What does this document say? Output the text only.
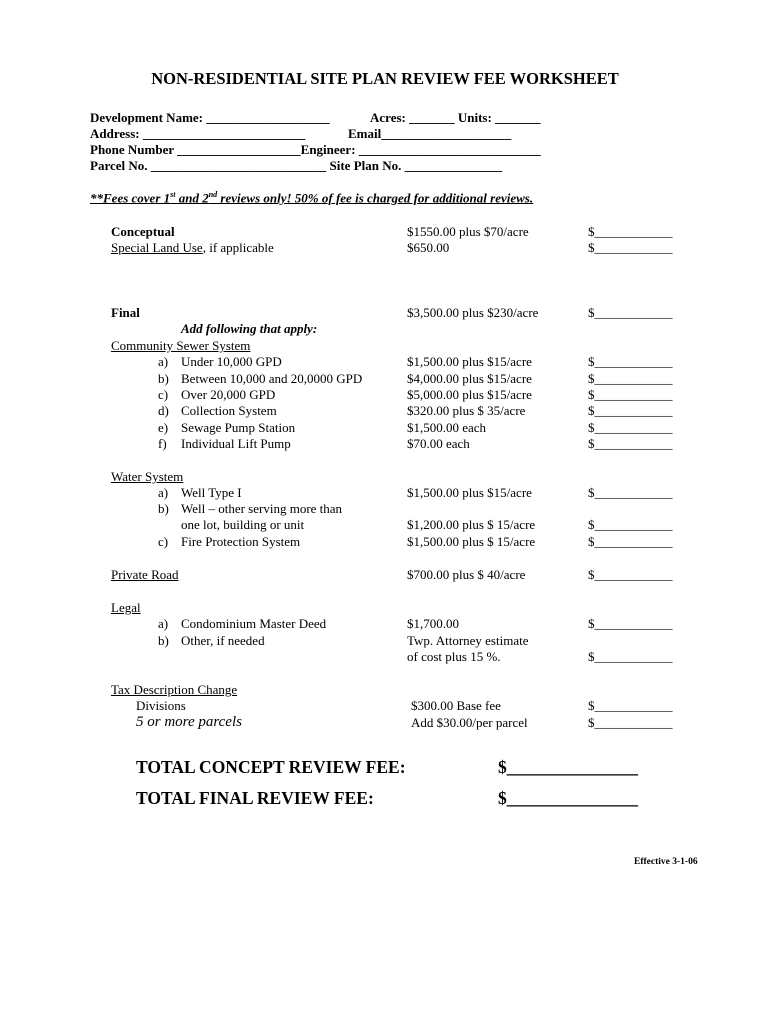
NON-RESIDENTIAL SITE PLAN REVIEW FEE WORKSHEET
Development Name: ___________________	Acres: _______ Units: _______
Address: _________________________	Email____________________
Phone Number ___________________Engineer: ____________________________
Parcel No. ___________________________ Site Plan No. _______________
**Fees cover 1st and 2nd reviews only! 50% of fee is charged for additional reviews.
Conceptual	$1550.00 plus $70/acre	$____________
Special Land Use, if applicable	$650.00	$____________
Final	$3,500.00 plus $230/acre	$____________
Add following that apply:
Community Sewer System
a) Under 10,000 GPD	$1,500.00 plus $15/acre	$____________
b) Between 10,000 and 20,0000 GPD	$4,000.00 plus $15/acre	$____________
c) Over 20,000 GPD	$5,000.00 plus $15/acre	$____________
d) Collection System	$320.00 plus $ 35/acre	$____________
e) Sewage Pump Station	$1,500.00 each	$____________
f) Individual Lift Pump	$70.00 each	$____________
Water System
a) Well Type I	$1,500.00 plus $15/acre	$____________
b) Well – other serving more than
one lot, building or unit	$1,200.00 plus $ 15/acre	$____________
c) Fire Protection System	$1,500.00 plus $ 15/acre	$____________
Private Road	$700.00 plus $ 40/acre	$____________
Legal
a) Condominium Master Deed	$1,700.00	$____________
b) Other, if needed	Twp. Attorney estimate
of cost plus 15 %.	$____________
Tax Description Change
Divisions	$300.00 Base fee	$____________
5 or more parcels	Add $30.00/per parcel	$____________
TOTAL CONCEPT REVIEW FEE:	$_______________
TOTAL FINAL REVIEW FEE:	$_______________
Effective 3-1-06
